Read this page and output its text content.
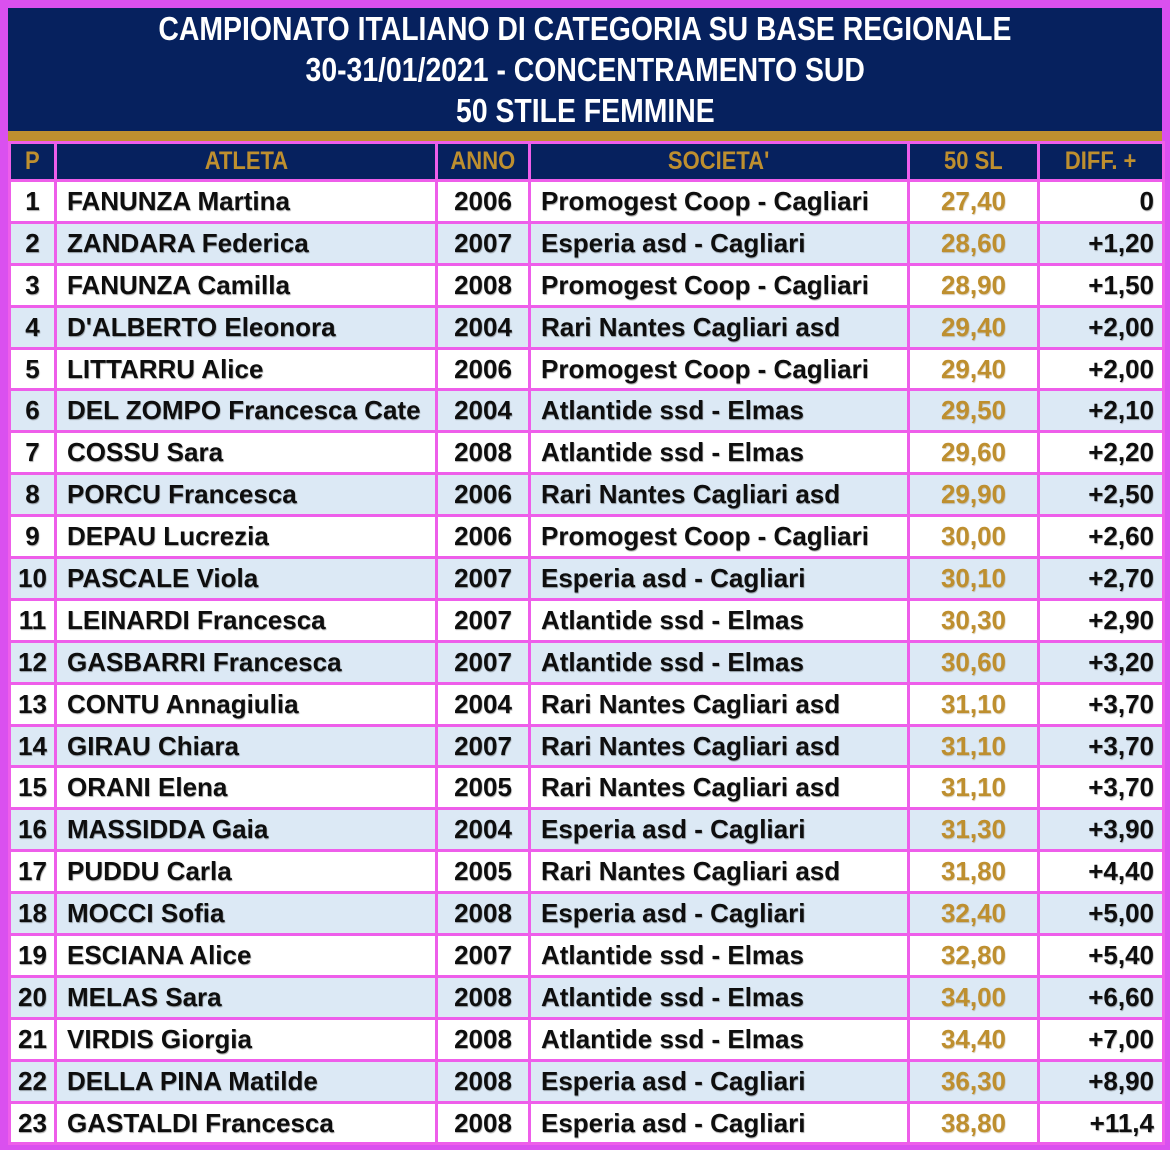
CAMPIONATO ITALIANO DI CATEGORIA SU BASE REGIONALE
30-31/01/2021 - CONCENTRAMENTO SUD
50 STILE FEMMINE
P	ATLETA	ANNO	SOCIETA'	50 SL	DIFF. +
1	FANUNZA Martina	2006	Promogest Coop - Cagliari	27,40	0
2	ZANDARA Federica	2007	Esperia asd - Cagliari	28,60	+1,20
3	FANUNZA Camilla	2008	Promogest Coop - Cagliari	28,90	+1,50
4	D'ALBERTO Eleonora	2004	Rari Nantes Cagliari asd	29,40	+2,00
5	LITTARRU Alice	2006	Promogest Coop - Cagliari	29,40	+2,00
6	DEL ZOMPO Francesca Cate	2004	Atlantide ssd - Elmas	29,50	+2,10
7	COSSU Sara	2008	Atlantide ssd - Elmas	29,60	+2,20
8	PORCU Francesca	2006	Rari Nantes Cagliari asd	29,90	+2,50
9	DEPAU Lucrezia	2006	Promogest Coop - Cagliari	30,00	+2,60
10	PASCALE Viola	2007	Esperia asd - Cagliari	30,10	+2,70
11	LEINARDI Francesca	2007	Atlantide ssd - Elmas	30,30	+2,90
12	GASBARRI Francesca	2007	Atlantide ssd - Elmas	30,60	+3,20
13	CONTU Annagiulia	2004	Rari Nantes Cagliari asd	31,10	+3,70
14	GIRAU Chiara	2007	Rari Nantes Cagliari asd	31,10	+3,70
15	ORANI Elena	2005	Rari Nantes Cagliari asd	31,10	+3,70
16	MASSIDDA Gaia	2004	Esperia asd - Cagliari	31,30	+3,90
17	PUDDU Carla	2005	Rari Nantes Cagliari asd	31,80	+4,40
18	MOCCI Sofia	2008	Esperia asd - Cagliari	32,40	+5,00
19	ESCIANA Alice	2007	Atlantide ssd - Elmas	32,80	+5,40
20	MELAS Sara	2008	Atlantide ssd - Elmas	34,00	+6,60
21	VIRDIS Giorgia	2008	Atlantide ssd - Elmas	34,40	+7,00
22	DELLA PINA Matilde	2008	Esperia asd - Cagliari	36,30	+8,90
23	GASTALDI Francesca	2008	Esperia asd - Cagliari	38,80	+11,4
